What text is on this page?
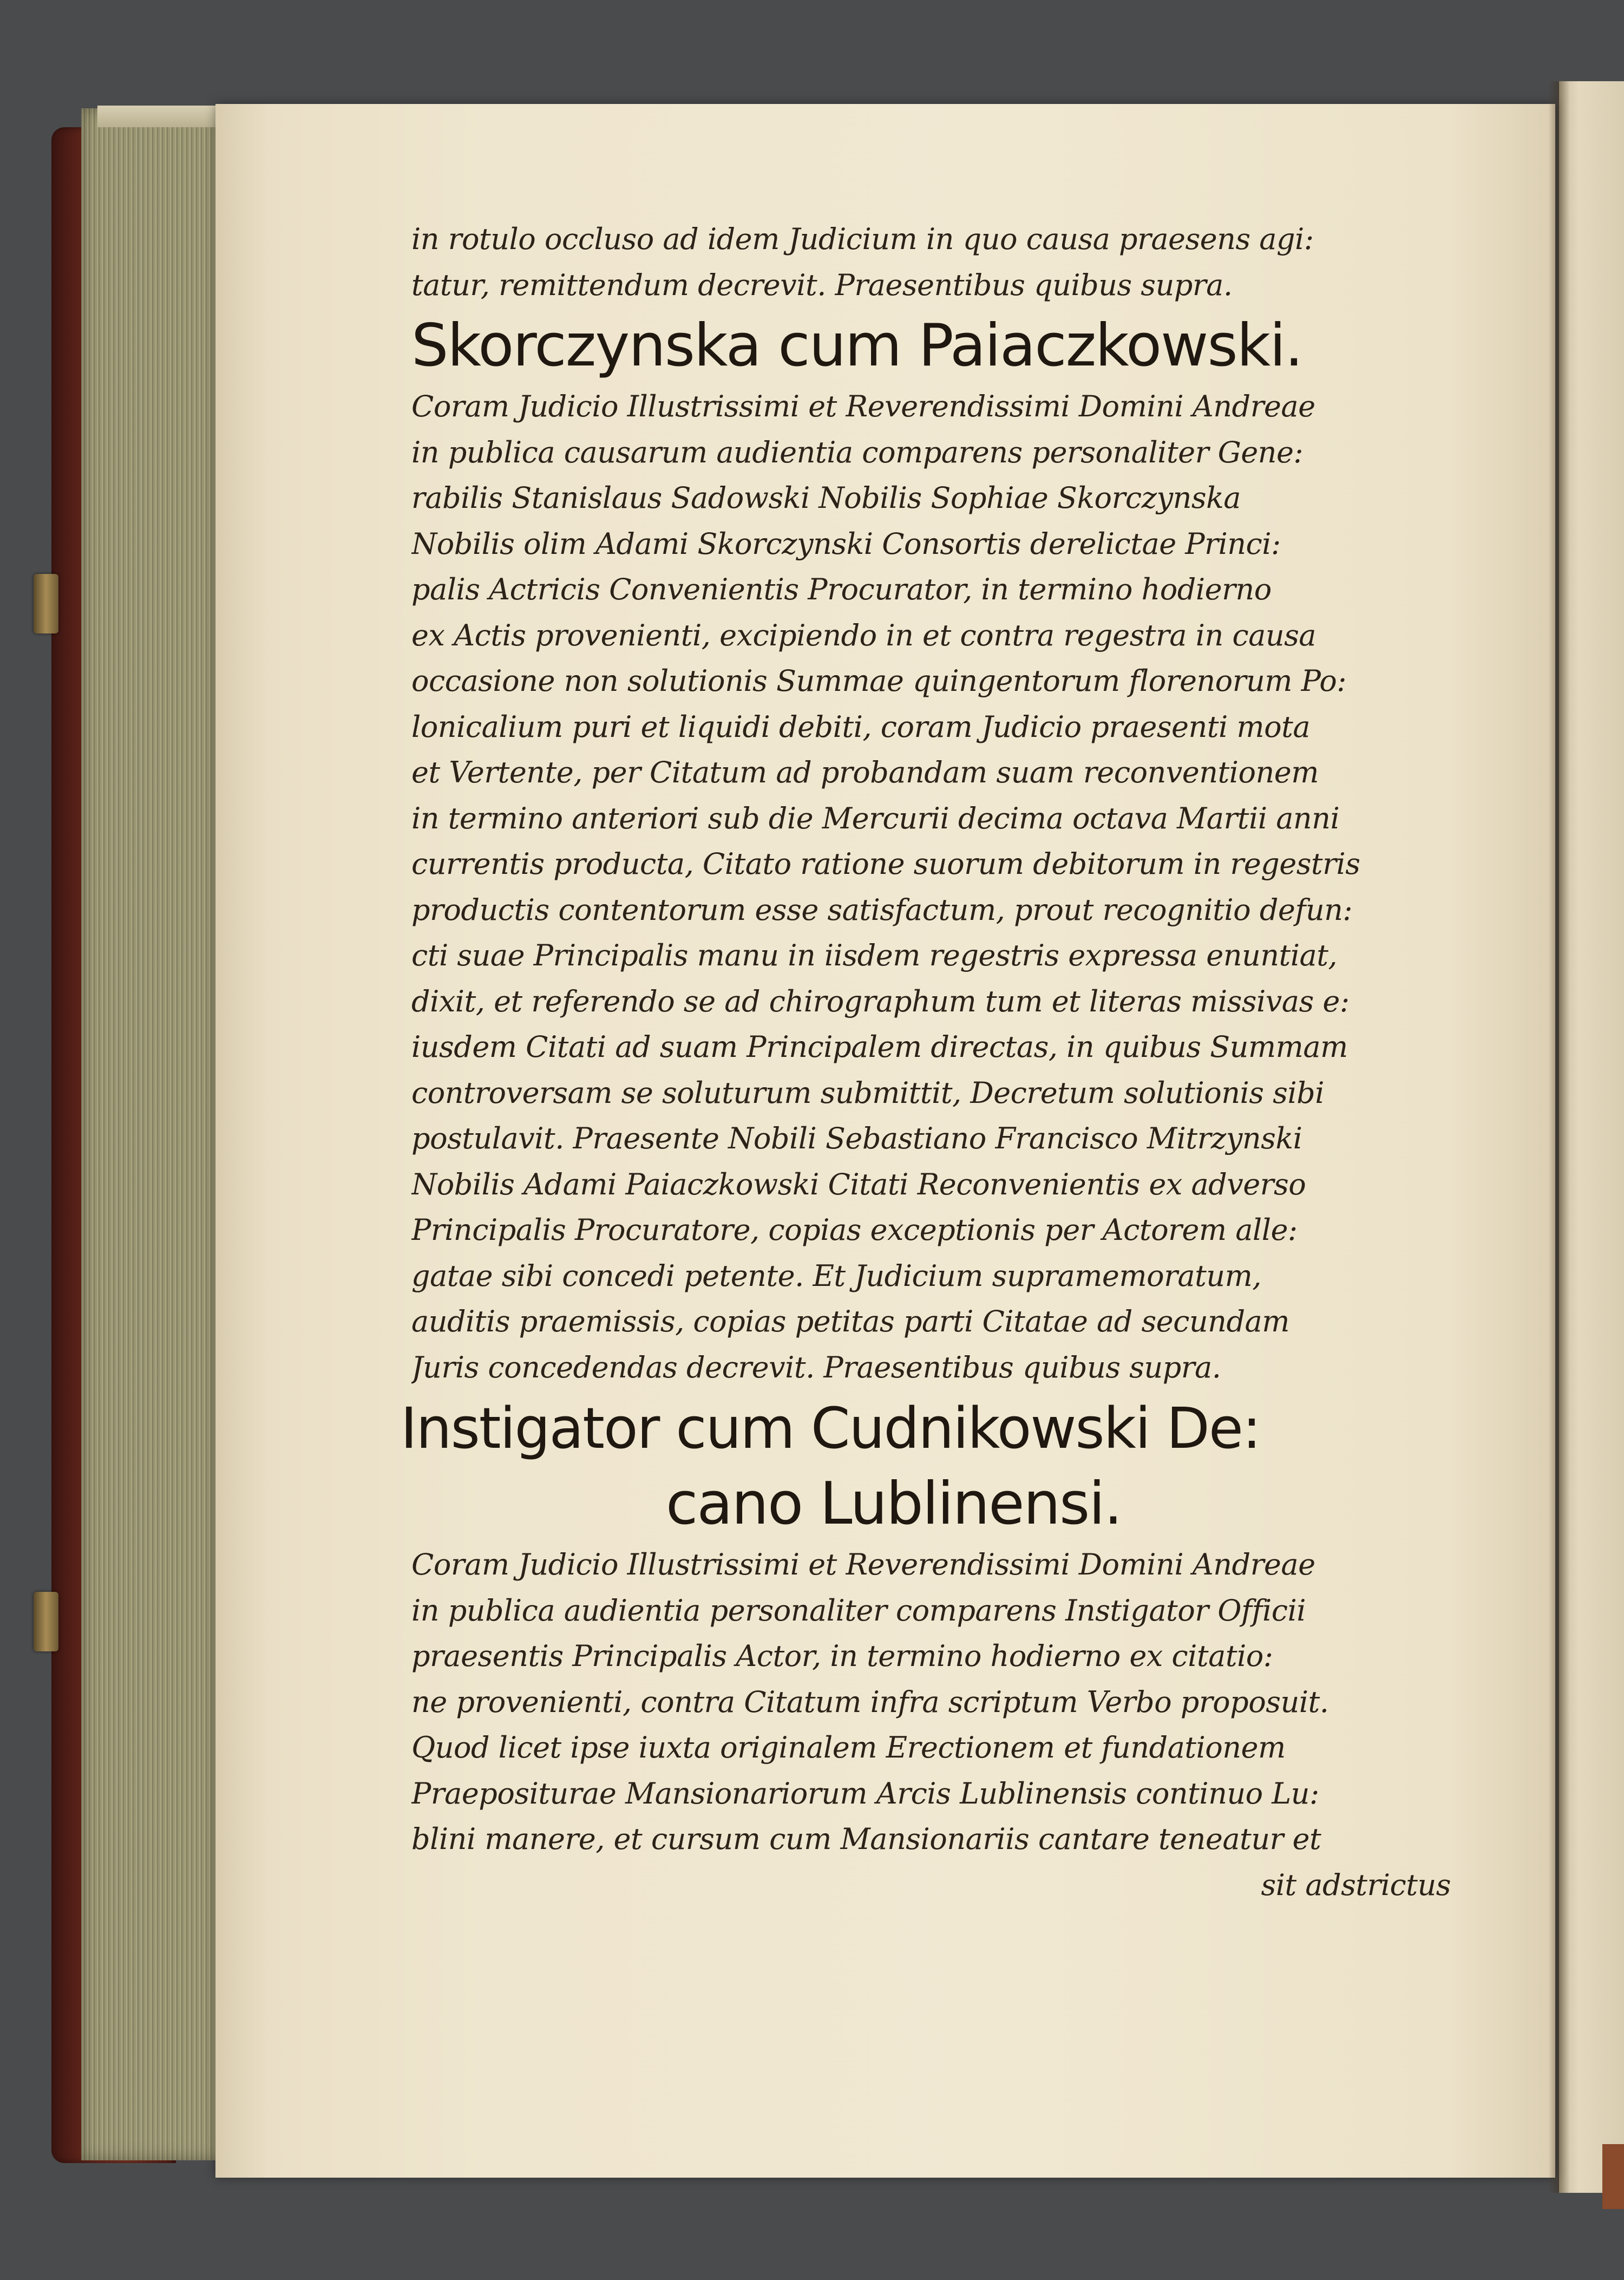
in rotulo occluso ad idem Judicium in quo causa praesens agi:
tatur, remittendum decrevit. Praesentibus quibus supra.
Skorczynska cum Paiaczkowski.
Coram Judicio Illustrissimi et Reverendissimi Domini Andreae
in publica causarum audientia comparens personaliter Gene:
rabilis Stanislaus Sadowski Nobilis Sophiae Skorczynska
Nobilis olim Adami Skorczynski Consortis derelictae Princi:
palis Actricis Convenientis Procurator, in termino hodierno
ex Actis provenienti, excipiendo in et contra regestra in causa
occasione non solutionis Summae quingentorum florenorum Po:
lonicalium puri et liquidi debiti, coram Judicio praesenti mota
et Vertente, per Citatum ad probandam suam reconventionem
in termino anteriori sub die Mercurii decima octava Martii anni
currentis producta, Citato ratione suorum debitorum in regestris
productis contentorum esse satisfactum, prout recognitio defun:
cti suae Principalis manu in iisdem regestris expressa enuntiat,
dixit, et referendo se ad chirographum tum et literas missivas e:
iusdem Citati ad suam Principalem directas, in quibus Summam
controversam se soluturum submittit, Decretum solutionis sibi
postulavit. Praesente Nobili Sebastiano Francisco Mitrzynski
Nobilis Adami Paiaczkowski Citati Reconvenientis ex adverso
Principalis Procuratore, copias exceptionis per Actorem alle:
gatae sibi concedi petente. Et Judicium supramemoratum,
auditis praemissis, copias petitas parti Citatae ad secundam
Juris concedendas decrevit. Praesentibus quibus supra.
Instigator cum Cudnikowski De:
cano Lublinensi.
Coram Judicio Illustrissimi et Reverendissimi Domini Andreae
in publica audientia personaliter comparens Instigator Officii
praesentis Principalis Actor, in termino hodierno ex citatio:
ne provenienti, contra Citatum infra scriptum Verbo proposuit.
Quod licet ipse iuxta originalem Erectionem et fundationem
Praepositurae Mansionariorum Arcis Lublinensis continuo Lu:
blini manere, et cursum cum Mansionariis cantare teneatur et
sit adstrictus
